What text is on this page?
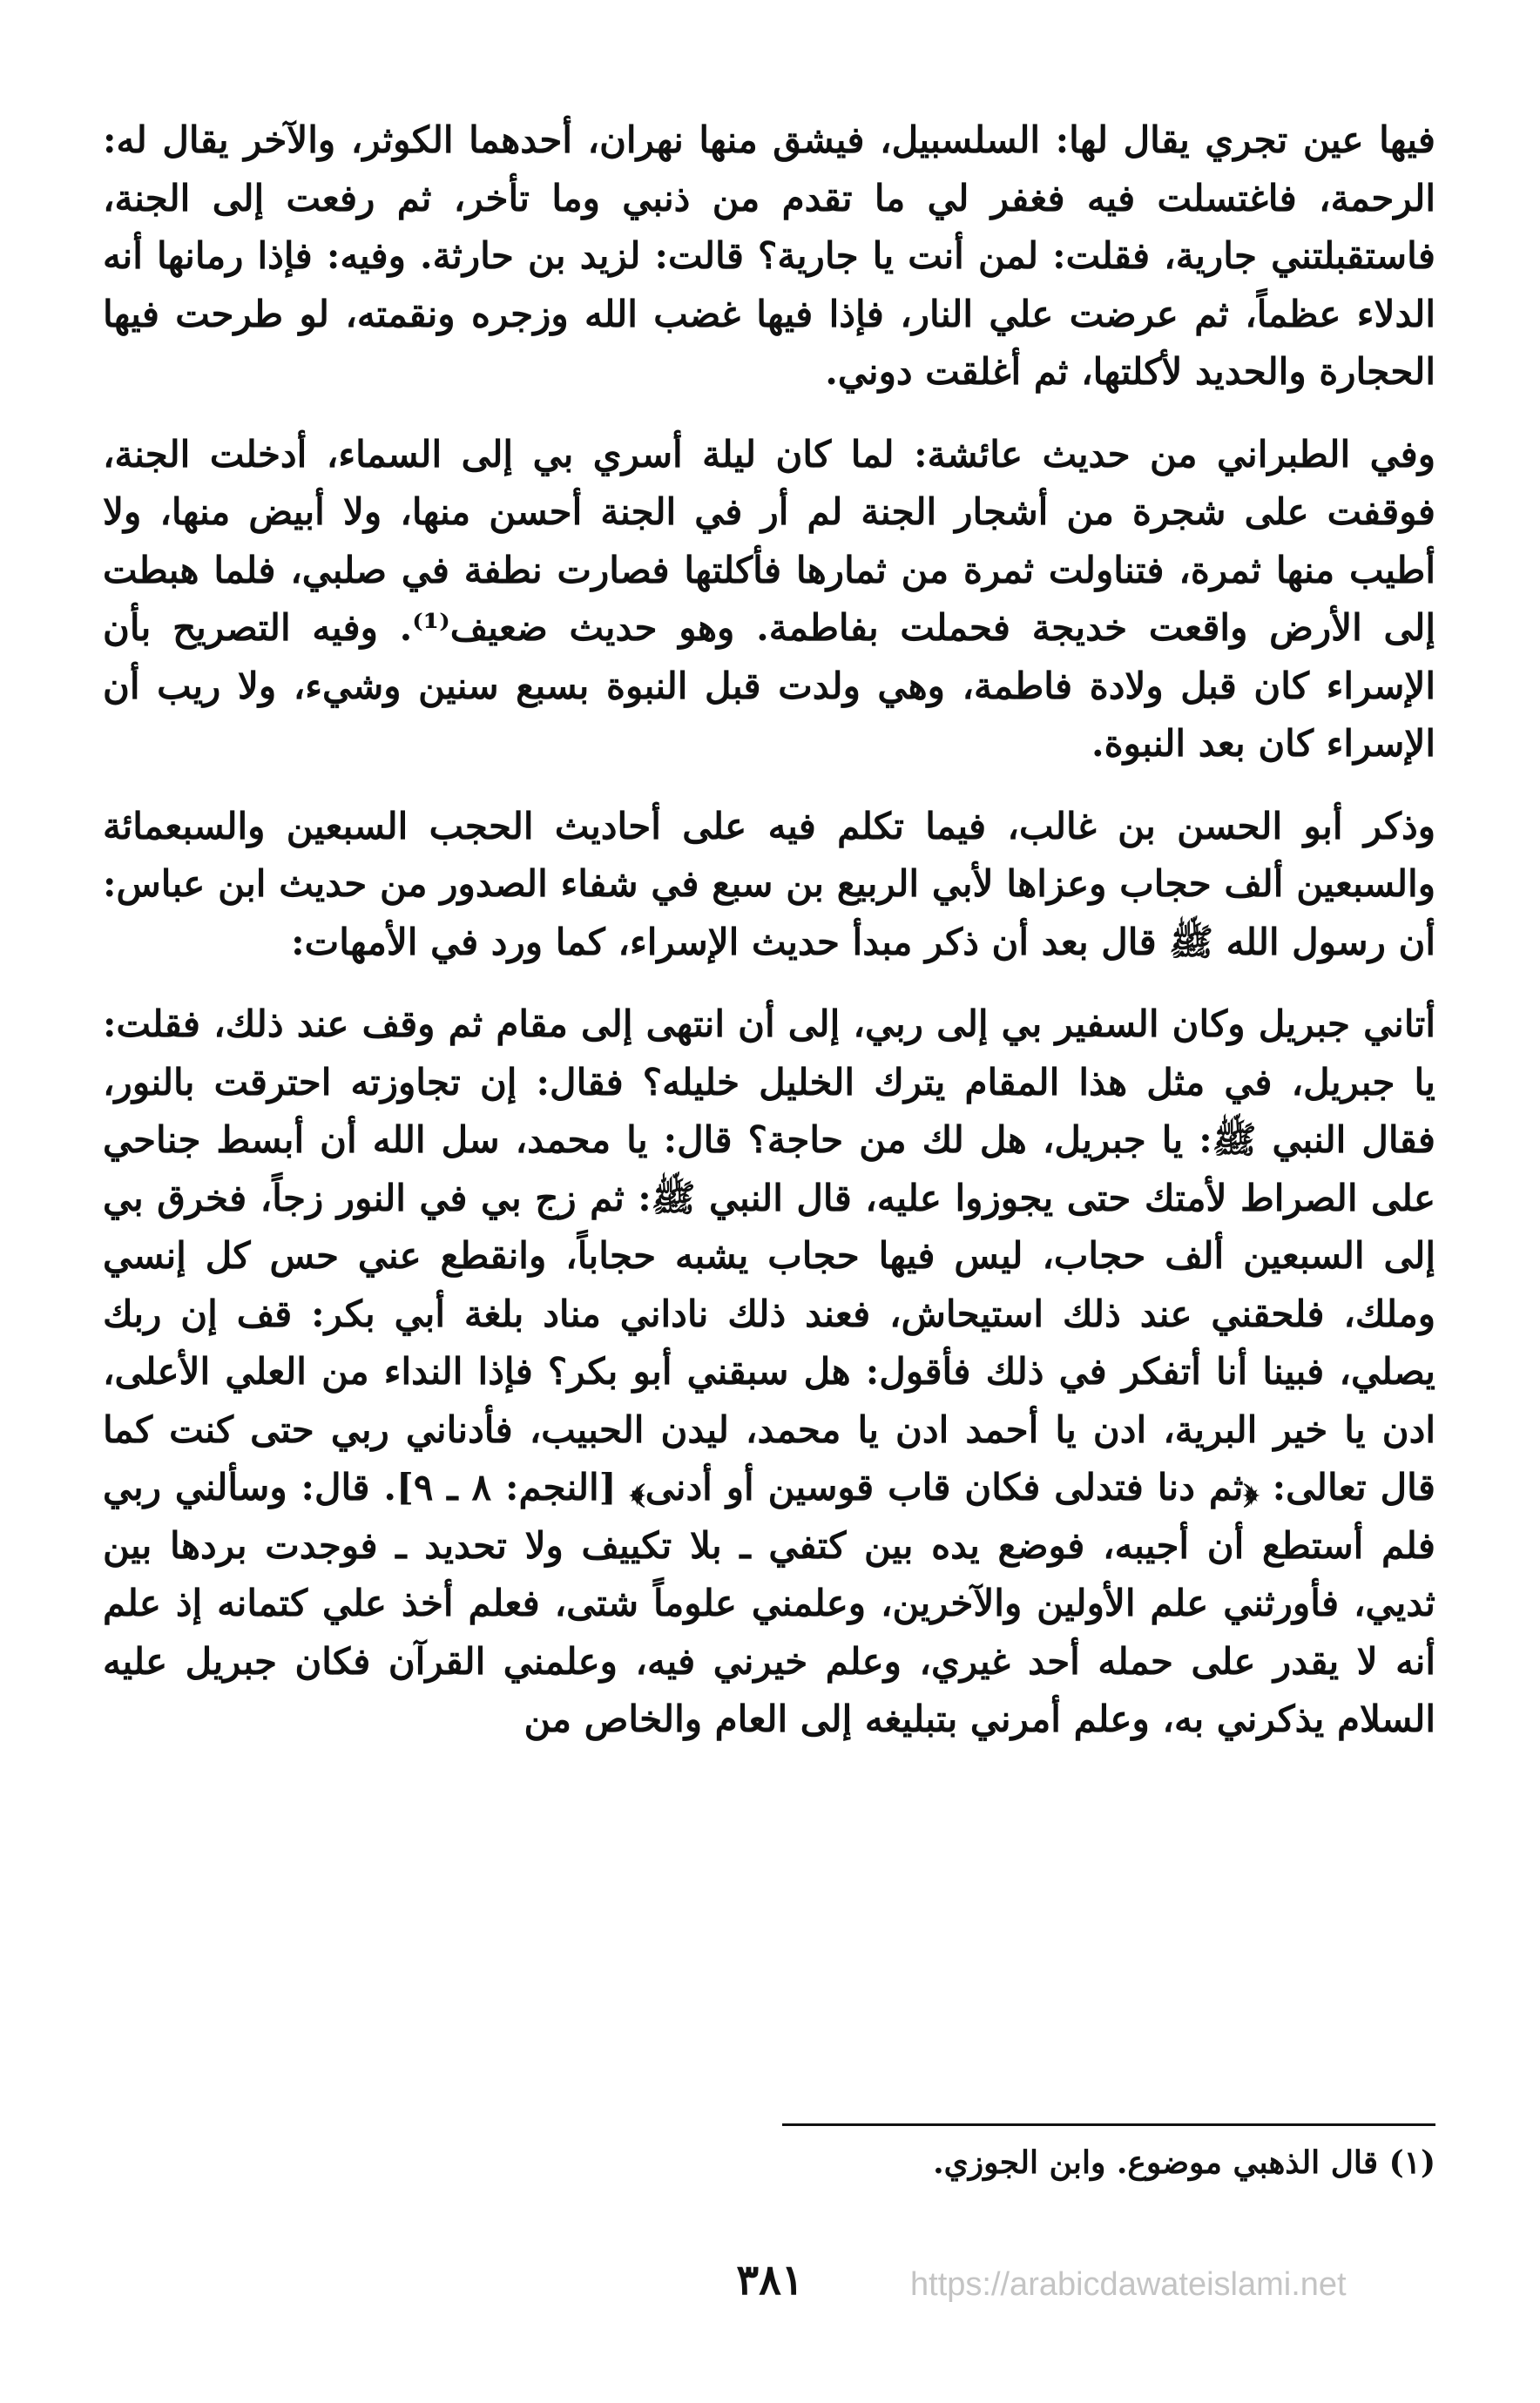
فيها عين تجري يقال لها: السلسبيل، فيشق منها نهران، أحدهما الكوثر، والآخر يقال له: الرحمة، فاغتسلت فيه فغفر لي ما تقدم من ذنبي وما تأخر، ثم رفعت إلى الجنة، فاستقبلتني جارية، فقلت: لمن أنت يا جارية؟ قالت: لزيد بن حارثة. وفيه: فإذا رمانها أنه الدلاء عظماً، ثم عرضت علي النار، فإذا فيها غضب الله وزجره ونقمته، لو طرحت فيها الحجارة والحديد لأكلتها، ثم أغلقت دوني.

وفي الطبراني من حديث عائشة: لما كان ليلة أسري بي إلى السماء، أدخلت الجنة، فوقفت على شجرة من أشجار الجنة لم أر في الجنة أحسن منها، ولا أبيض منها، ولا أطيب منها ثمرة، فتناولت ثمرة من ثمارها فأكلتها فصارت نطفة في صلبي، فلما هبطت إلى الأرض واقعت خديجة فحملت بفاطمة. وهو حديث ضعيف⁽¹⁾. وفيه التصريح بأن الإسراء كان قبل ولادة فاطمة، وهي ولدت قبل النبوة بسبع سنين وشيء، ولا ريب أن الإسراء كان بعد النبوة.

وذكر أبو الحسن بن غالب، فيما تكلم فيه على أحاديث الحجب السبعين والسبعمائة والسبعين ألف حجاب وعزاها لأبي الربيع بن سبع في شفاء الصدور من حديث ابن عباس: أن رسول الله ﷺ قال بعد أن ذكر مبدأ حديث الإسراء، كما ورد في الأمهات:

أتاني جبريل وكان السفير بي إلى ربي، إلى أن انتهى إلى مقام ثم وقف عند ذلك، فقلت: يا جبريل، في مثل هذا المقام يترك الخليل خليله؟ فقال: إن تجاوزته احترقت بالنور، فقال النبي ﷺ: يا جبريل، هل لك من حاجة؟ قال: يا محمد، سل الله أن أبسط جناحي على الصراط لأمتك حتى يجوزوا عليه، قال النبي ﷺ: ثم زج بي في النور زجاً، فخرق بي إلى السبعين ألف حجاب، ليس فيها حجاب يشبه حجاباً، وانقطع عني حس كل إنسي وملك، فلحقني عند ذلك استيحاش، فعند ذلك ناداني مناد بلغة أبي بكر: قف إن ربك يصلي، فبينا أنا أتفكر في ذلك فأقول: هل سبقني أبو بكر؟ فإذا النداء من العلي الأعلى، ادن يا خير البرية، ادن يا أحمد ادن يا محمد، ليدن الحبيب، فأدناني ربي حتى كنت كما قال تعالى: ﴿ثم دنا فتدلى فكان قاب قوسين أو أدنى﴾ [النجم: ٨ ـ ٩]. قال: وسألني ربي فلم أستطع أن أجيبه، فوضع يده بين كتفي ـ بلا تكييف ولا تحديد ـ فوجدت بردها بين ثديي، فأورثني علم الأولين والآخرين، وعلمني علوماً شتى، فعلم أخذ علي كتمانه إذ علم أنه لا يقدر على حمله أحد غيري، وعلم خيرني فيه، وعلمني القرآن فكان جبريل عليه السلام يذكرني به، وعلم أمرني بتبليغه إلى العام والخاص من

(١) قال الذهبي موضوع. وابن الجوزي.
٣٨١	https://arabicdawateislami.net
